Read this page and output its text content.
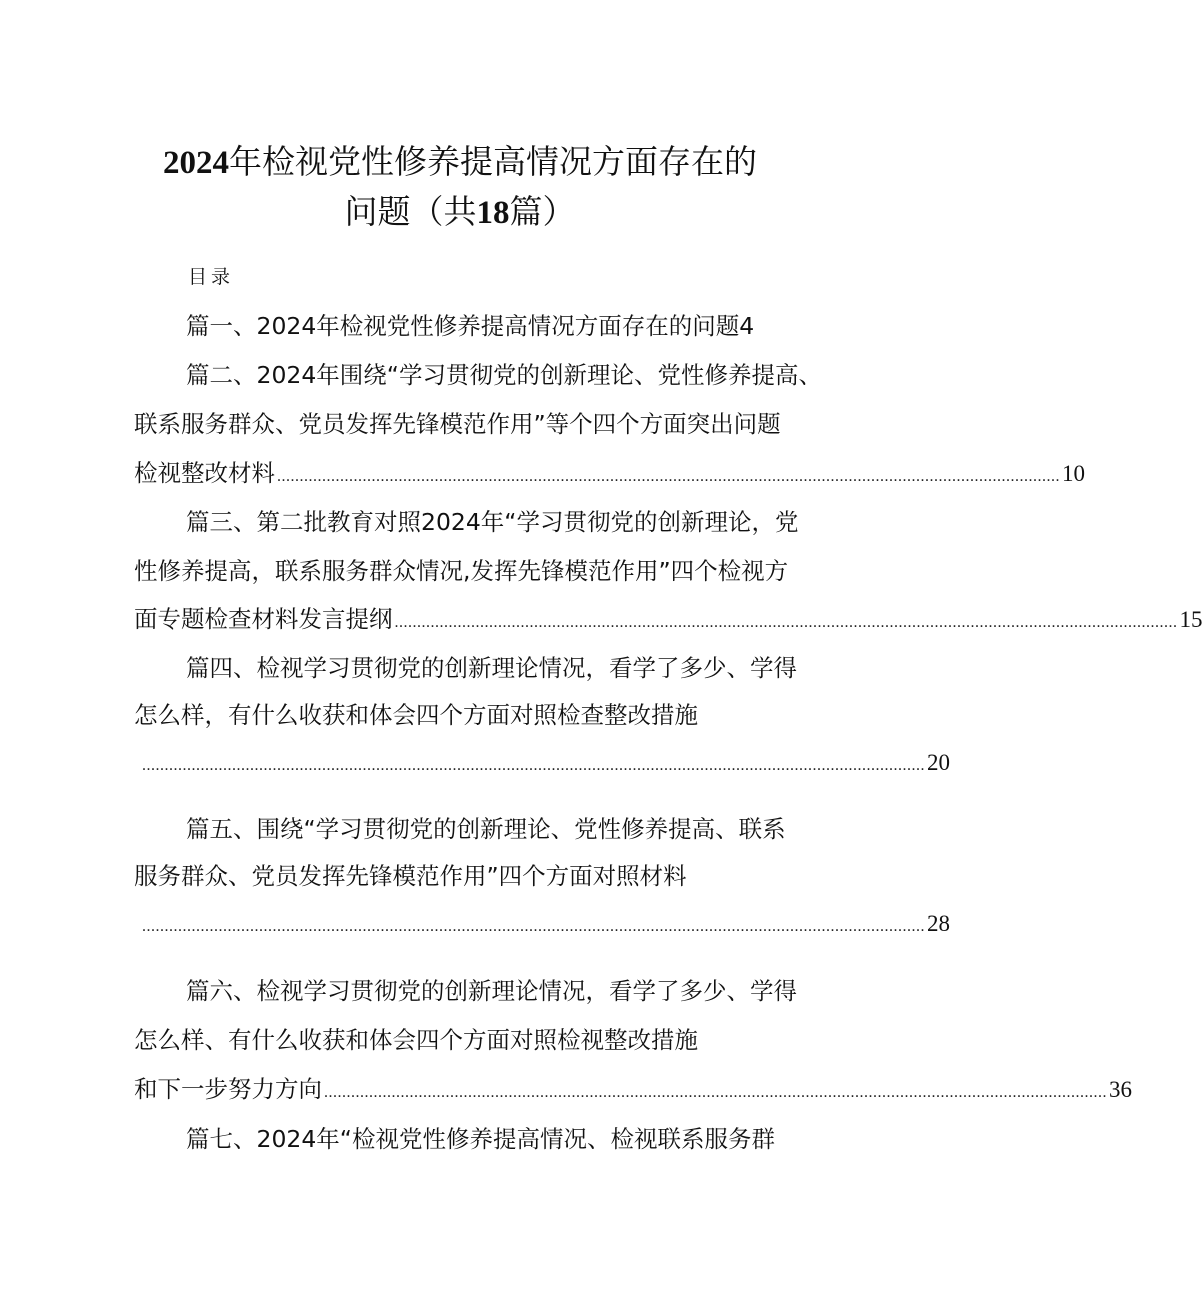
2024年检视党性修养提高情况方面存在的
问题（共18篇）
目录
篇一、2024年检视党性修养提高情况方面存在的问题4
篇二、2024年围绕“学习贯彻党的创新理论、党性修养提高、
联系服务群众、党员发挥先锋模范作用”等个四个方面突出问题
检视整改材料 .............................................................................................................................................................................. 10
篇三、第二批教育对照2024年“学习贯彻党的创新理论，党
性修养提高，联系服务群众情况,发挥先锋模范作用”四个检视方
面专题检查材料发言提纲 .............................................................................................................................................................................. 15
篇四、检视学习贯彻党的创新理论情况，看学了多少、学得
怎么样，有什么收获和体会四个方面对照检查整改措施
.............................................................................................................................................................................. 20
篇五、围绕“学习贯彻党的创新理论、党性修养提高、联系
服务群众、党员发挥先锋模范作用”四个方面对照材料
.............................................................................................................................................................................. 28
篇六、检视学习贯彻党的创新理论情况，看学了多少、学得
怎么样、有什么收获和体会四个方面对照检视整改措施
和下一步努力方向 .............................................................................................................................................................................. 36
篇七、2024年“检视党性修养提高情况、检视联系服务群
